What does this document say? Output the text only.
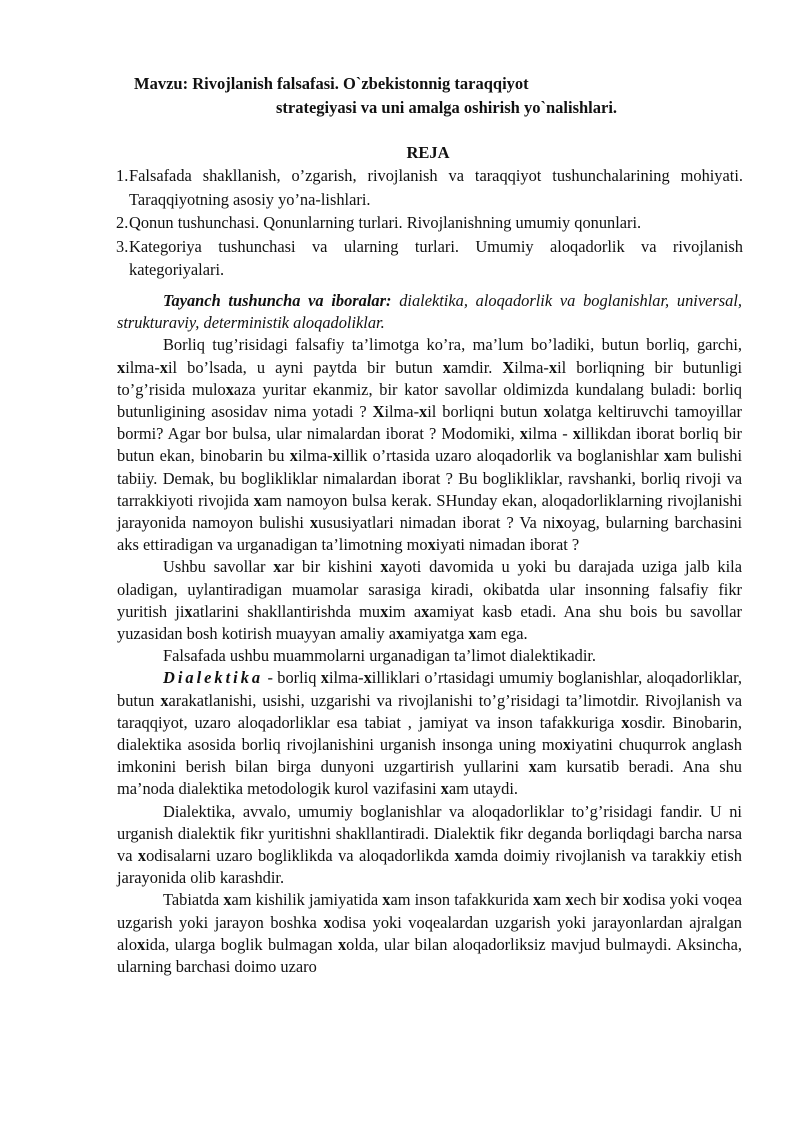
Mavzu: Rivojlanish falsafasi. O`zbekistonnig taraqqiyot
strategiyasi va uni amalga oshirish yo`nalishlari.
REJA
1. Falsafada shakllanish, o’zgarish, rivojlanish va taraqqiyot tushunchalarining mohiyati. Taraqqiyotning asosiy yo’na-lishlari.
2. Qonun tushunchasi. Qonunlarning turlari. Rivojlanishning umumiy qonunlari.
3. Kategoriya tushunchasi va ularning turlari. Umumiy aloqadorlik va rivojlanish kategoriyalari.

Tayanch tushuncha va iboralar: dialektika, aloqadorlik va boglanishlar, universal, strukturaviy, deterministik aloqadoliklar.

Borliq tug’risidagi falsafiy ta’limotga ko’ra, ma’lum bo’ladiki, butun borliq, garchi, xilma-xil bo’lsada, u ayni paytda bir butun xamdir. Xilma-xil borliqning bir butunligi to’g’risida muloxaza yuritar ekanmiz, bir kator savollar oldimizda kundalang buladi: borliq butunligining asosidav nima yotadi ? Xilma-xil borliqni butun xolatga keltiruvchi tamoyillar bormi? Agar bor bulsa, ular nimalardan iborat ? Modomiki, xilma - xillikdan iborat borliq bir butun ekan, binobarin bu xilma-xillik o’rtasida uzaro aloqadorlik va boglanishlar xam bulishi tabiiy. Demak, bu boglikliklar nimalardan iborat ? Bu boglikliklar, ravshanki, borliq rivoji va tarrakkiyoti rivojida xam namoyon bulsa kerak. SHunday ekan, aloqadorliklarning rivojlanishi jarayonida namoyon bulishi xususiyatlari nimadan iborat ? Va nixoyag, bularning barchasini aks ettiradigan va urganadigan ta’limotning moxiyati nimadan iborat ?

Ushbu savollar xar bir kishini xayoti davomida u yoki bu darajada uziga jalb kila oladigan, uylantiradigan muamolar sarasiga kiradi, okibatda ular insonning falsafiy fikr yuritish jixatlarini shakllantirishda muxim axamiyat kasb etadi. Ana shu bois bu savollar yuzasidan bosh kotirish muayyan amaliy axamiyatga xam ega.

Falsafada ushbu muammolarni urganadigan ta’limot dialektikadir.

Dialektika - borliq xilma-xilliklari o’rtasidagi umumiy boglanishlar, aloqadorliklar, butun xarakatlanishi, usishi, uzgarishi va rivojlanishi to’g’risidagi ta’limotdir. Rivojlanish va taraqqiyot, uzaro aloqadorliklar esa tabiat , jamiyat va inson tafakkuriga xosdir. Binobarin, dialektika asosida borliq rivojlanishini urganish insonga uning moxiyatini chuqurrok anglash imkonini berish bilan birga dunyoni uzgartirish yullarini xam kursatib beradi. Ana shu ma’noda dialektika metodologik kurol vazifasini xam utaydi.

Dialektika, avvalo, umumiy boglanishlar va aloqadorliklar to’g’risidagi fandir. U ni urganish dialektik fikr yuritishni shakllantiradi. Dialektik fikr deganda borliqdagi barcha narsa va xodisalarni uzaro bogliklikda va aloqadorlikda xamda doimiy rivojlanish va tarakkiy etish jarayonida olib karashdir.

Tabiatda xam kishilik jamiyatida xam inson tafakkurida xam xech bir xodisa yoki voqea uzgarish yoki jarayon boshka xodisa yoki voqealardan uzgarish yoki jarayonlardan ajralgan aloxida, ularga boglik bulmagan xolda, ular bilan aloqadorliksiz mavjud bulmaydi. Aksincha, ularning barchasi doimo uzaro
